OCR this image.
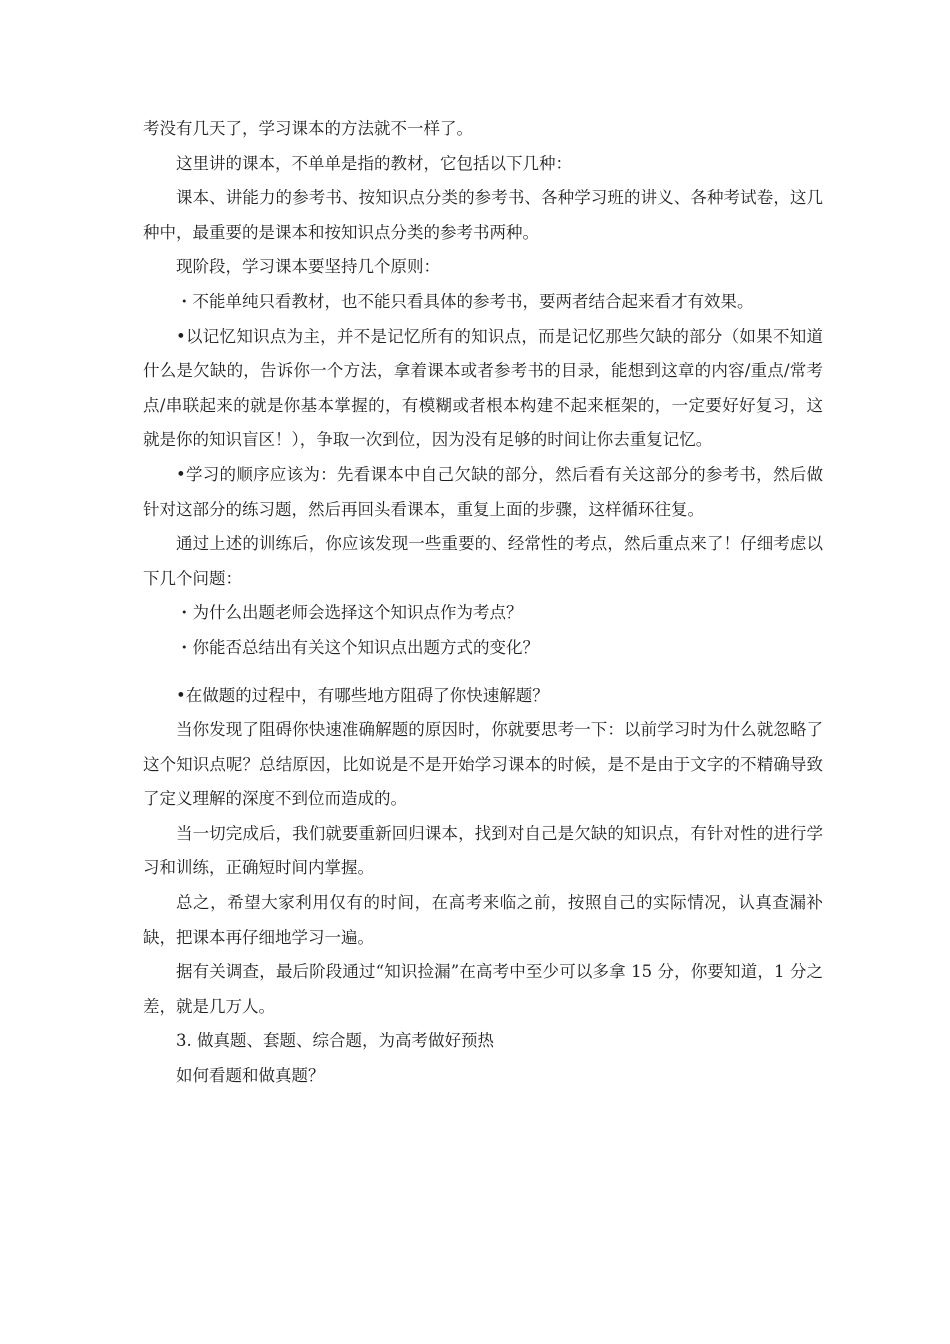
考没有几天了，学习课本的方法就不一样了。

这里讲的课本，不单单是指的教材，它包括以下几种：

课本、讲能力的参考书、按知识点分类的参考书、各种学习班的讲义、各种考试卷，这几种中，最重要的是课本和按知识点分类的参考书两种。

现阶段，学习课本要坚持几个原则：

・不能单纯只看教材，也不能只看具体的参考书，要两者结合起来看才有效果。

•以记忆知识点为主，并不是记忆所有的知识点，而是记忆那些欠缺的部分（如果不知道什么是欠缺的，告诉你一个方法，拿着课本或者参考书的目录，能想到这章的内容/重点/常考点/串联起来的就是你基本掌握的，有模糊或者根本构建不起来框架的，一定要好好复习，这就是你的知识盲区！），争取一次到位，因为没有足够的时间让你去重复记忆。

•学习的顺序应该为：先看课本中自己欠缺的部分，然后看有关这部分的参考书，然后做针对这部分的练习题，然后再回头看课本，重复上面的步骤，这样循环往复。

通过上述的训练后，你应该发现一些重要的、经常性的考点，然后重点来了！仔细考虑以下几个问题：

・为什么出题老师会选择这个知识点作为考点？

・你能否总结出有关这个知识点出题方式的变化？

•在做题的过程中，有哪些地方阻碍了你快速解题？

当你发现了阻碍你快速准确解题的原因时，你就要思考一下：以前学习时为什么就忽略了这个知识点呢？总结原因，比如说是不是开始学习课本的时候，是不是由于文字的不精确导致了定义理解的深度不到位而造成的。

当一切完成后，我们就要重新回归课本，找到对自己是欠缺的知识点，有针对性的进行学习和训练，正确短时间内掌握。

总之，希望大家利用仅有的时间，在高考来临之前，按照自己的实际情况，认真查漏补缺，把课本再仔细地学习一遍。

据有关调查，最后阶段通过“知识捡漏”在高考中至少可以多拿 15 分，你要知道，1 分之差，就是几万人。

3. 做真题、套题、综合题，为高考做好预热

如何看题和做真题？
